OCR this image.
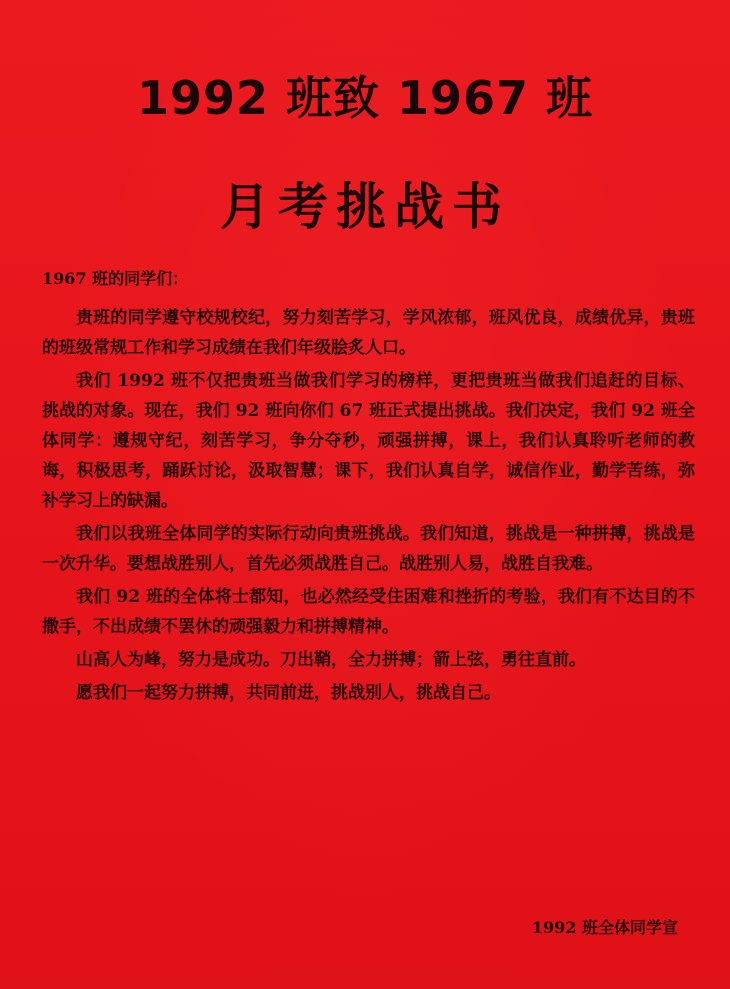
1992 班致 1967 班
月考挑战书
1967 班的同学们：

贵班的同学遵守校规校纪，努力刻苦学习，学风浓郁，班风优良，成绩优异，贵班的班级常规工作和学习成绩在我们年级脍炙人口。

我们 1992 班不仅把贵班当做我们学习的榜样，更把贵班当做我们追赶的目标、挑战的对象。现在，我们 92 班向你们 67 班正式提出挑战。我们决定，我们 92 班全体同学：遵规守纪，刻苦学习，争分夺秒，顽强拼搏，课上，我们认真聆听老师的教诲，积极思考，踊跃讨论，汲取智慧；课下，我们认真自学，诚信作业，勤学苦练，弥补学习上的缺漏。

我们以我班全体同学的实际行动向贵班挑战。我们知道，挑战是一种拼搏，挑战是一次升华。要想战胜别人，首先必须战胜自己。战胜别人易，战胜自我难。

我们 92 班的全体将士都知，也必然经受住困难和挫折的考验，我们有不达目的不撒手，不出成绩不罢休的顽强毅力和拼搏精神。

山高人为峰，努力是成功。刀出鞘，全力拼搏；箭上弦，勇往直前。

愿我们一起努力拼搏，共同前进，挑战别人，挑战自己。

1992 班全体同学宣
